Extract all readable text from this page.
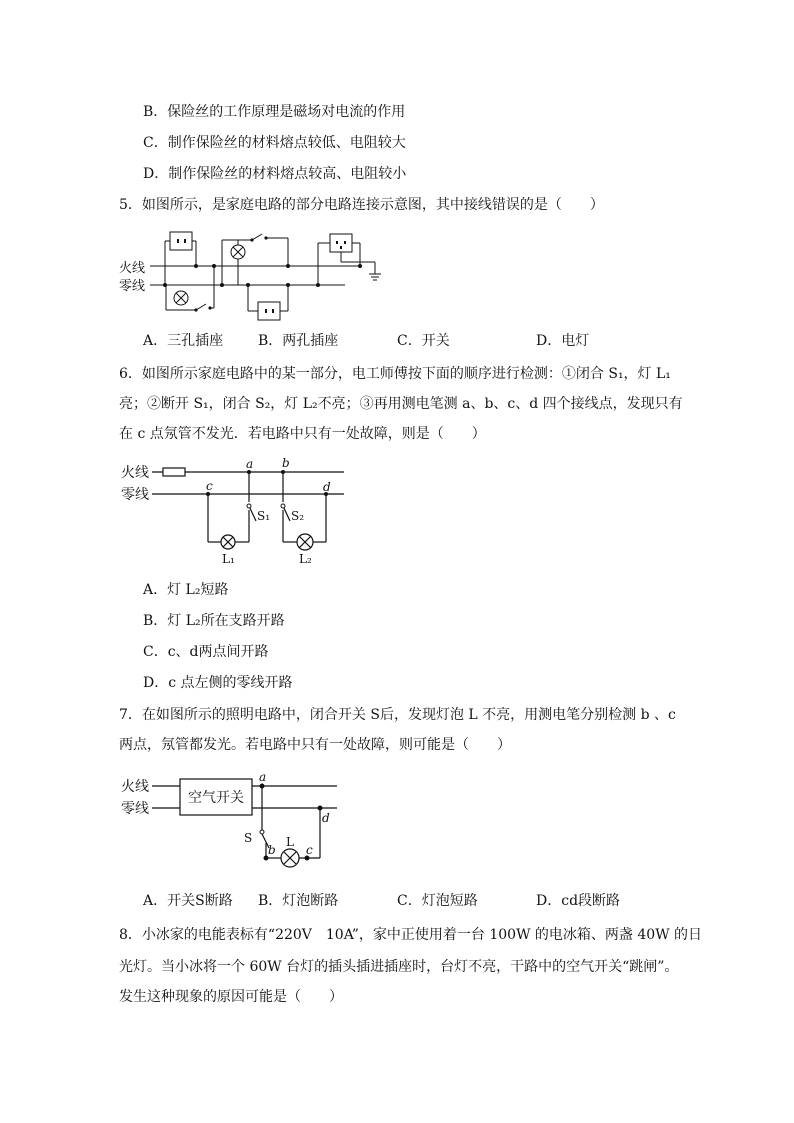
B．保险丝的工作原理是磁场对电流的作用
C．制作保险丝的材料熔点较低、电阻较大
D．制作保险丝的材料熔点较高、电阻较小
5．如图所示，是家庭电路的部分电路连接示意图，其中接线错误的是（　　）
火线
零线
A．三孔插座 B．两孔插座	C．开关	D．电灯
6．如图所示家庭电路中的某一部分，电工师傅按下面的顺序进行检测：①闭合 S₁，灯 L₁
亮；②断开 S₁，闭合 S₂，灯 L₂不亮；③再用测电笔测 a、b、c、d 四个接线点，发现只有
在 c 点氖管不发光．若电路中只有一处故障，则是（　　）
火线
零线
a b
c	d
S₁ S₂
L₁	L₂
A．灯 L₂短路
B．灯 L₂所在支路开路
C．c、d两点间开路
D．c 点左侧的零线开路
7．在如图所示的照明电路中，闭合开关 S后，发现灯泡 L 不亮，用测电笔分别检测 b 、c
两点，氖管都发光。若电路中只有一处故障，则可能是（　　）
火线
零线
空气开关
a
b	c
d
S	L
A．开关S断路 B．灯泡断路	C．灯泡短路	D．cd段断路
8．小冰家的电能表标有“220V　10A”，家中正使用着一台 100W 的电冰箱、两盏 40W 的日
光灯。当小冰将一个 60W 台灯的插头插进插座时，台灯不亮，干路中的空气开关“跳闸”。
发生这种现象的原因可能是（　　）
